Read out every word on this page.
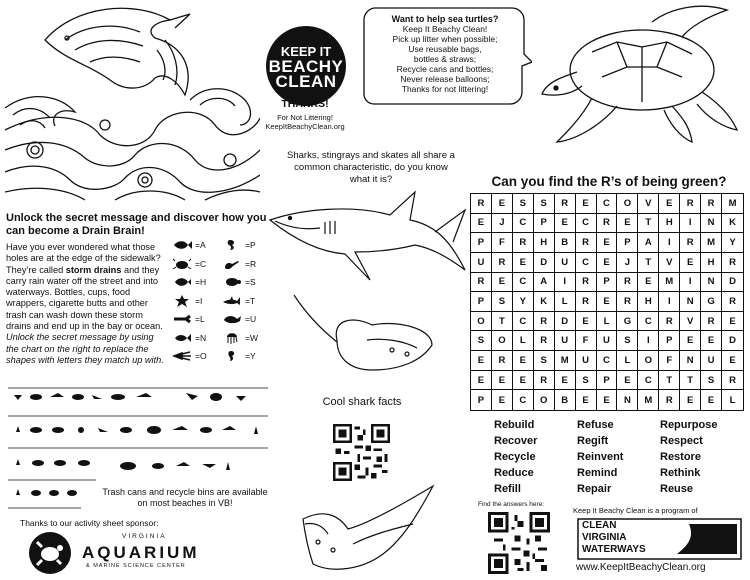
KEEP IT
BEACHY
CLEAN
THANKS!
For Not Littering!
KeepItBeachyClean.org
Want to help sea turtles?
Keep It Beachy Clean!
Pick up litter when possible;
Use reusable bags,
bottles & straws;
Recycle cans and bottles;
Never release balloons;
Thanks for not littering!
Sharks, stingrays and skates all share a common characteristic, do you know what it is?
Cool shark facts
Unlock the secret message and discover how you can become a Drain Brain!
Have you ever wondered what those holes are at the edge of the sidewalk? They’re called storm drains and they carry rain water off the street and into waterways. Bottles, cups, food wrappers, cigarette butts and other trash can wash down these storm drains and end up in the bay or ocean. Unlock the secret message by using the chart on the right to replace the shapes with letters they match up with.
= A	= P
= C	= R
= H	= S
= I	= T
= L	= U
= N	= W
= O	= Y
Trash cans and recycle bins are available on most beaches in VB!
Thanks to our activity sheet sponsor:
VIRGINIA
AQUARIUM
& MARINE SCIENCE CENTER
Can you find the R’s of being green?
R	E	S	S	R	E	C	O	V	E	R	R	M
E	J	C	P	E	C	R	E	T	H	I	N	K
P	F	R	H	B	R	E	P	A	I	R	M	Y
U	R	E	D	U	C	E	J	T	V	E	H	R
R	E	C	A	I	R	P	R	E	M	I	N	D
P	S	Y	K	L	R	E	R	H	I	N	G	R
O	T	C	R	D	E	L	G	C	R	V	R	E
S	O	L	R	U	F	U	S	I	P	E	E	D
E	R	E	S	M	U	C	L	O	F	N	U	E
E	E	E	R	E	S	P	E	C	T	T	S	R
P	E	C	O	B	E	E	N	M	R	E	E	L
Rebuild	Refuse	Repurpose
Recover	Regift	Respect
Recycle	Reinvent	Restore
Reduce	Remind	Rethink
Refill	Repair	Reuse
Find the answers here:
Keep It Beachy Clean is a program of
CLEAN
VIRGINIA
WATERWAYS
www.KeepItBeachyClean.org
